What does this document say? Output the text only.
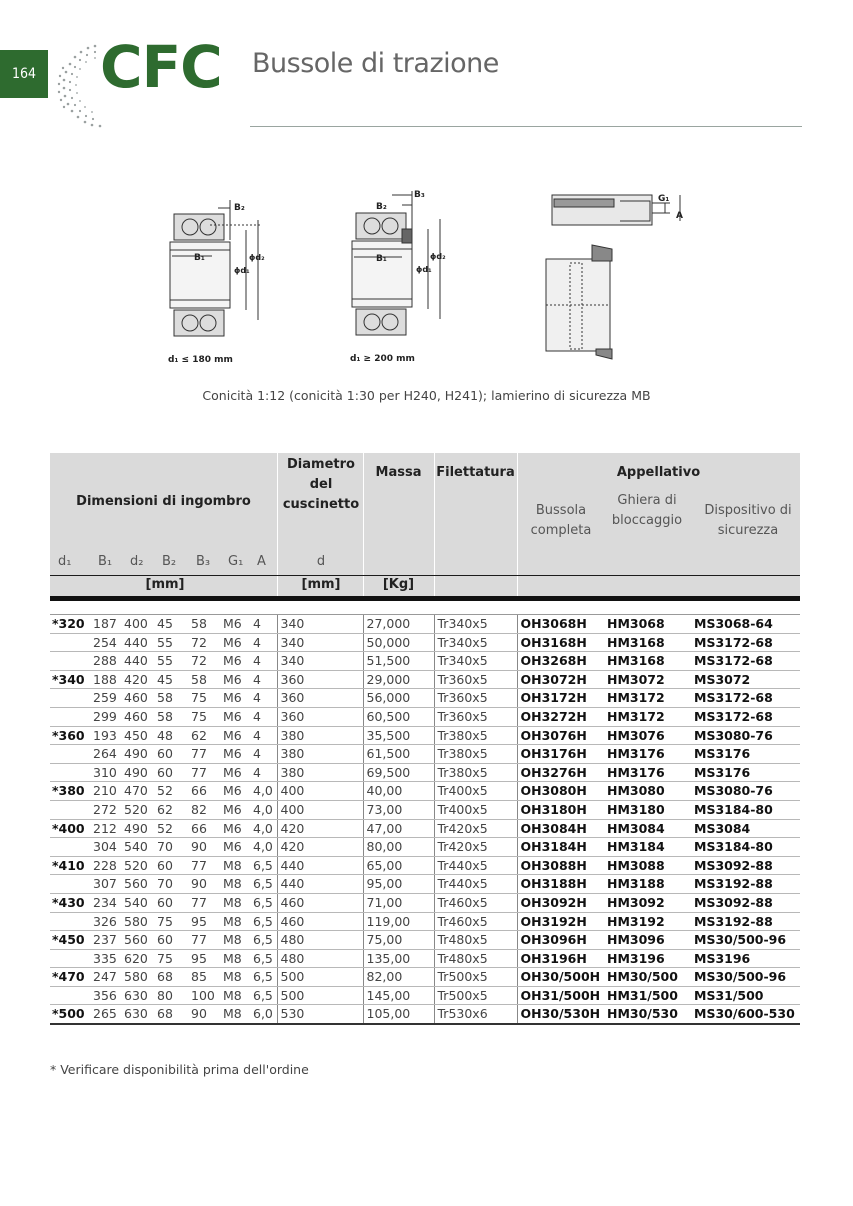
164 CFC Bussole di trazione
B₂
B₁	ϕd₂
ϕd₁
d₁ ≤ 180 mm
B₃
B₂
B₁	ϕd₂
ϕd₁
d₁ ≥ 200 mm
G₁
A
Conicità 1:12 (conicità 1:30 per H240, H241); lamierino di sicurezza MB
Dimensioni di ingombro
Diametro del cuscinetto
Massa	Filettatura	Appellativo
Bussola completa
Ghiera di bloccaggio
Dispositivo di sicurezza
d₁ B₁ d₂ B₂ B₃ G₁ A	d
[mm]	[mm]	[Kg]
*320	187	400	45	58	M6	4	340	27,000	Tr340x5	OH3068H	HM3068	MS3068-64
	254	440	55	72	M6	4	340	50,000	Tr340x5	OH3168H	HM3168	MS3172-68
	288	440	55	72	M6	4	340	51,500	Tr340x5	OH3268H	HM3168	MS3172-68
*340	188	420	45	58	M6	4	360	29,000	Tr360x5	OH3072H	HM3072	MS3072
	259	460	58	75	M6	4	360	56,000	Tr360x5	OH3172H	HM3172	MS3172-68
	299	460	58	75	M6	4	360	60,500	Tr360x5	OH3272H	HM3172	MS3172-68
*360	193	450	48	62	M6	4	380	35,500	Tr380x5	OH3076H	HM3076	MS3080-76
	264	490	60	77	M6	4	380	61,500	Tr380x5	OH3176H	HM3176	MS3176
	310	490	60	77	M6	4	380	69,500	Tr380x5	OH3276H	HM3176	MS3176
*380	210	470	52	66	M6	4,0	400	40,00	Tr400x5	OH3080H	HM3080	MS3080-76
	272	520	62	82	M6	4,0	400	73,00	Tr400x5	OH3180H	HM3180	MS3184-80
*400	212	490	52	66	M6	4,0	420	47,00	Tr420x5	OH3084H	HM3084	MS3084
	304	540	70	90	M6	4,0	420	80,00	Tr420x5	OH3184H	HM3184	MS3184-80
*410	228	520	60	77	M8	6,5	440	65,00	Tr440x5	OH3088H	HM3088	MS3092-88
	307	560	70	90	M8	6,5	440	95,00	Tr440x5	OH3188H	HM3188	MS3192-88
*430	234	540	60	77	M8	6,5	460	71,00	Tr460x5	OH3092H	HM3092	MS3092-88
	326	580	75	95	M8	6,5	460	119,00	Tr460x5	OH3192H	HM3192	MS3192-88
*450	237	560	60	77	M8	6,5	480	75,00	Tr480x5	OH3096H	HM3096	MS30/500-96
	335	620	75	95	M8	6,5	480	135,00	Tr480x5	OH3196H	HM3196	MS3196
*470	247	580	68	85	M8	6,5	500	82,00	Tr500x5	OH30/500H	HM30/500	MS30/500-96
	356	630	80	100	M8	6,5	500	145,00	Tr500x5	OH31/500H	HM31/500	MS31/500
*500	265	630	68	90	M8	6,0	530	105,00	Tr530x6	OH30/530H	HM30/530	MS30/600-530
* Verificare disponibilità prima dell'ordine
